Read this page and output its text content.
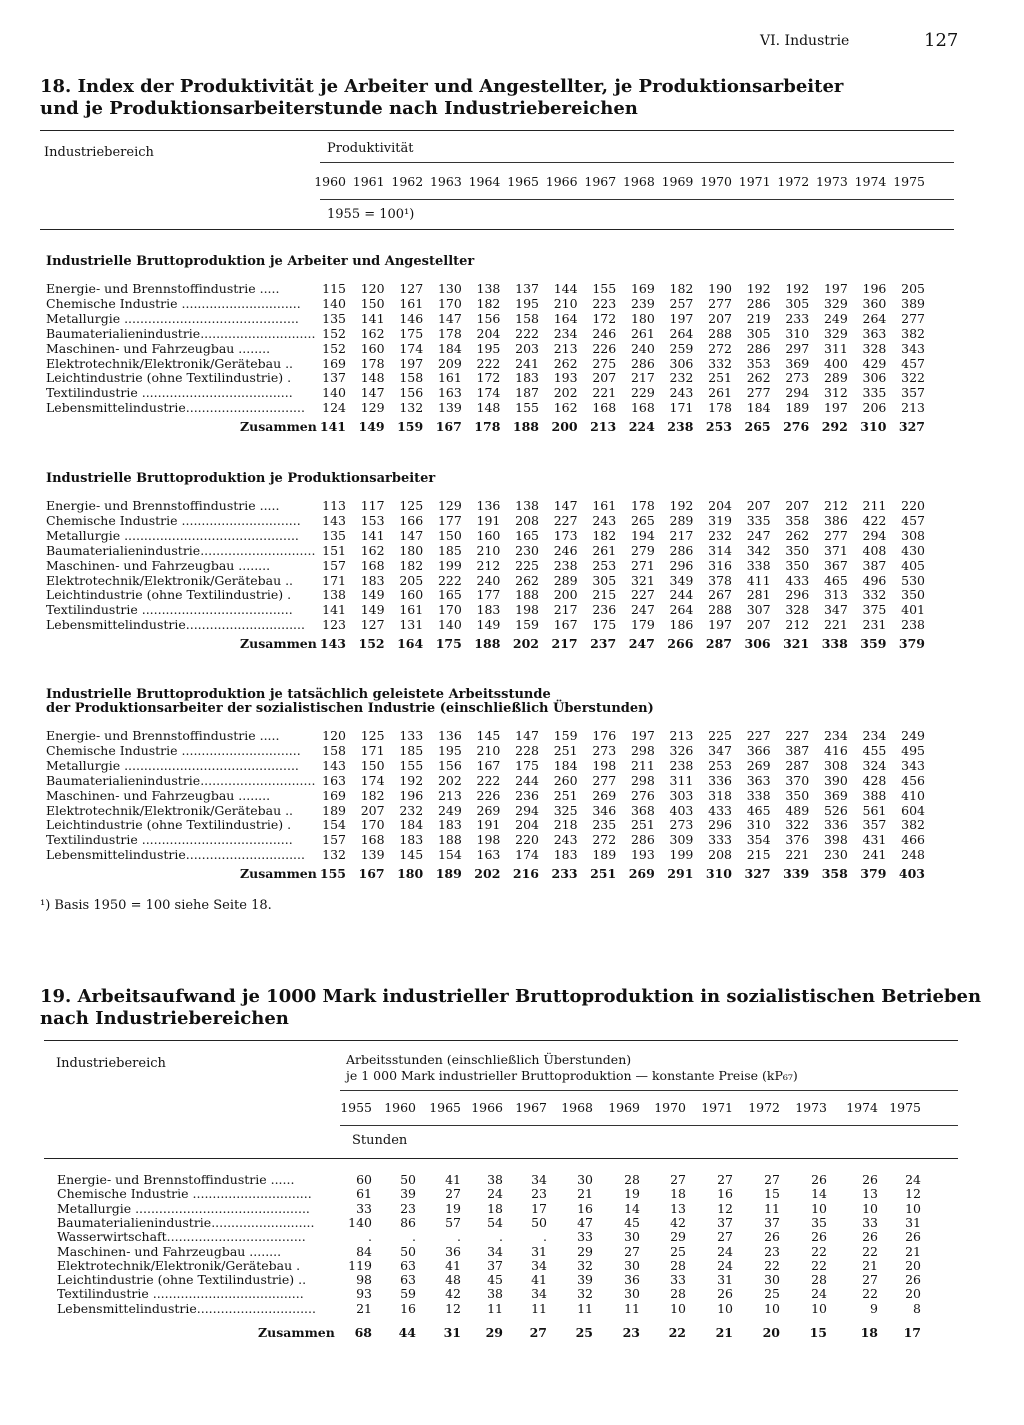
VI. Industrie	127
18. Index der Produktivität je Arbeiter und Angestellter, je Produktionsarbeiter
und je Produktionsarbeiterstunde nach Industriebereichen
Industriebereich	Produktivität
1960 1961 1962 1963 1964 1965 1966 1967 1968 1969 1970 1971 1972 1973 1974 1975
1955 = 100¹)
Industrielle Bruttoproduktion je Arbeiter und Angestellter
Energie- und Brennstoffindustrie .....	115	120	127	130	138	137	144	155	169	182	190	192	192	197	196	205
Chemische Industrie ..............................	140	150	161	170	182	195	210	223	239	257	277	286	305	329	360	389
Metallurgie ............................................	135	141	146	147	156	158	164	172	180	197	207	219	233	249	264	277
Baumaterialienindustrie............................. 152	162	175	178	204	222	234	246	261	264	288	305	310	329	363	382
Maschinen- und Fahrzeugbau ........	152	160	174	184	195	203	213	226	240	259	272	286	297	311	328	343
Elektrotechnik/Elektronik/Gerätebau ..	169	178	197	209	222	241	262	275	286	306	332	353	369	400	429	457
Leichtindustrie (ohne Textilindustrie) .	137	148	158	161	172	183	193	207	217	232	251	262	273	289	306	322
Textilindustrie ......................................	140	147	156	163	174	187	202	221	229	243	261	277	294	312	335	357
Lebensmittelindustrie..............................	124	129	132	139	148	155	162	168	168	171	178	184	189	197	206	213
Zusammen 141	149	159	167	178	188	200	213	224	238	253	265	276	292	310	327
Industrielle Bruttoproduktion je Produktionsarbeiter
Energie- und Brennstoffindustrie .....	113	117	125	129	136	138	147	161	178	192	204	207	207	212	211	220
Chemische Industrie ..............................	143	153	166	177	191	208	227	243	265	289	319	335	358	386	422	457
Metallurgie ............................................	135	141	147	150	160	165	173	182	194	217	232	247	262	277	294	308
Baumaterialienindustrie............................. 151	162	180	185	210	230	246	261	279	286	314	342	350	371	408	430
Maschinen- und Fahrzeugbau ........	157	168	182	199	212	225	238	253	271	296	316	338	350	367	387	405
Elektrotechnik/Elektronik/Gerätebau ..	171	183	205	222	240	262	289	305	321	349	378	411	433	465	496	530
Leichtindustrie (ohne Textilindustrie) .	138	149	160	165	177	188	200	215	227	244	267	281	296	313	332	350
Textilindustrie ......................................	141	149	161	170	183	198	217	236	247	264	288	307	328	347	375	401
Lebensmittelindustrie..............................	123	127	131	140	149	159	167	175	179	186	197	207	212	221	231	238
Zusammen 143	152	164	175	188	202	217	237	247	266	287	306	321	338	359	379
Industrielle Bruttoproduktion je tatsächlich geleistete Arbeitsstunde
der Produktionsarbeiter der sozialistischen Industrie (einschließlich Überstunden)
Energie- und Brennstoffindustrie .....	120	125	133	136	145	147	159	176	197	213	225	227	227	234	234	249
Chemische Industrie ..............................	158	171	185	195	210	228	251	273	298	326	347	366	387	416	455	495
Metallurgie ............................................	143	150	155	156	167	175	184	198	211	238	253	269	287	308	324	343
Baumaterialienindustrie............................. 163	174	192	202	222	244	260	277	298	311	336	363	370	390	428	456
Maschinen- und Fahrzeugbau ........	169	182	196	213	226	236	251	269	276	303	318	338	350	369	388	410
Elektrotechnik/Elektronik/Gerätebau ..	189	207	232	249	269	294	325	346	368	403	433	465	489	526	561	604
Leichtindustrie (ohne Textilindustrie) .	154	170	184	183	191	204	218	235	251	273	296	310	322	336	357	382
Textilindustrie ......................................	157	168	183	188	198	220	243	272	286	309	333	354	376	398	431	466
Lebensmittelindustrie..............................	132	139	145	154	163	174	183	189	193	199	208	215	221	230	241	248
Zusammen 155	167	180	189	202	216	233	251	269	291	310	327	339	358	379	403
¹) Basis 1950 = 100 siehe Seite 18.
19. Arbeitsaufwand je 1000 Mark industrieller Bruttoproduktion in sozialistischen Betrieben
nach Industriebereichen
Industriebereich	Arbeitsstunden (einschließlich Überstunden)
je 1 000 Mark industrieller Bruttoproduktion — konstante Preise (kP₆₇)
1955 1960 1965 1966 1967 1968 1969 1970 1971 1972 1973 1974 1975
Stunden
Energie- und Brennstoffindustrie ......	60	50	41	38	34	30	28	27	27	27	26	26	24
Chemische Industrie ..............................	61	39	27	24	23	21	19	18	16	15	14	13	12
Metallurgie ............................................	33	23	19	18	17	16	14	13	12	11	10	10	10
Baumaterialienindustrie..........................	140	86	57	54	50	47	45	42	37	37	35	33	31
Wasserwirtschaft...................................	.	.	.	.	.	33	30	29	27	26	26	26	26
Maschinen- und Fahrzeugbau ........	84	50	36	34	31	29	27	25	24	23	22	22	21
Elektrotechnik/Elektronik/Gerätebau .	119	63	41	37	34	32	30	28	24	22	22	21	20
Leichtindustrie (ohne Textilindustrie) ..	98	63	48	45	41	39	36	33	31	30	28	27	26
Textilindustrie ......................................	93	59	42	38	34	32	30	28	26	25	24	22	20
Lebensmittelindustrie..............................	21	16	12	11	11	11	11	10	10	10	10	9	8
Zusammen	68	44	31	29	27	25	23	22	21	20	15	18	17
